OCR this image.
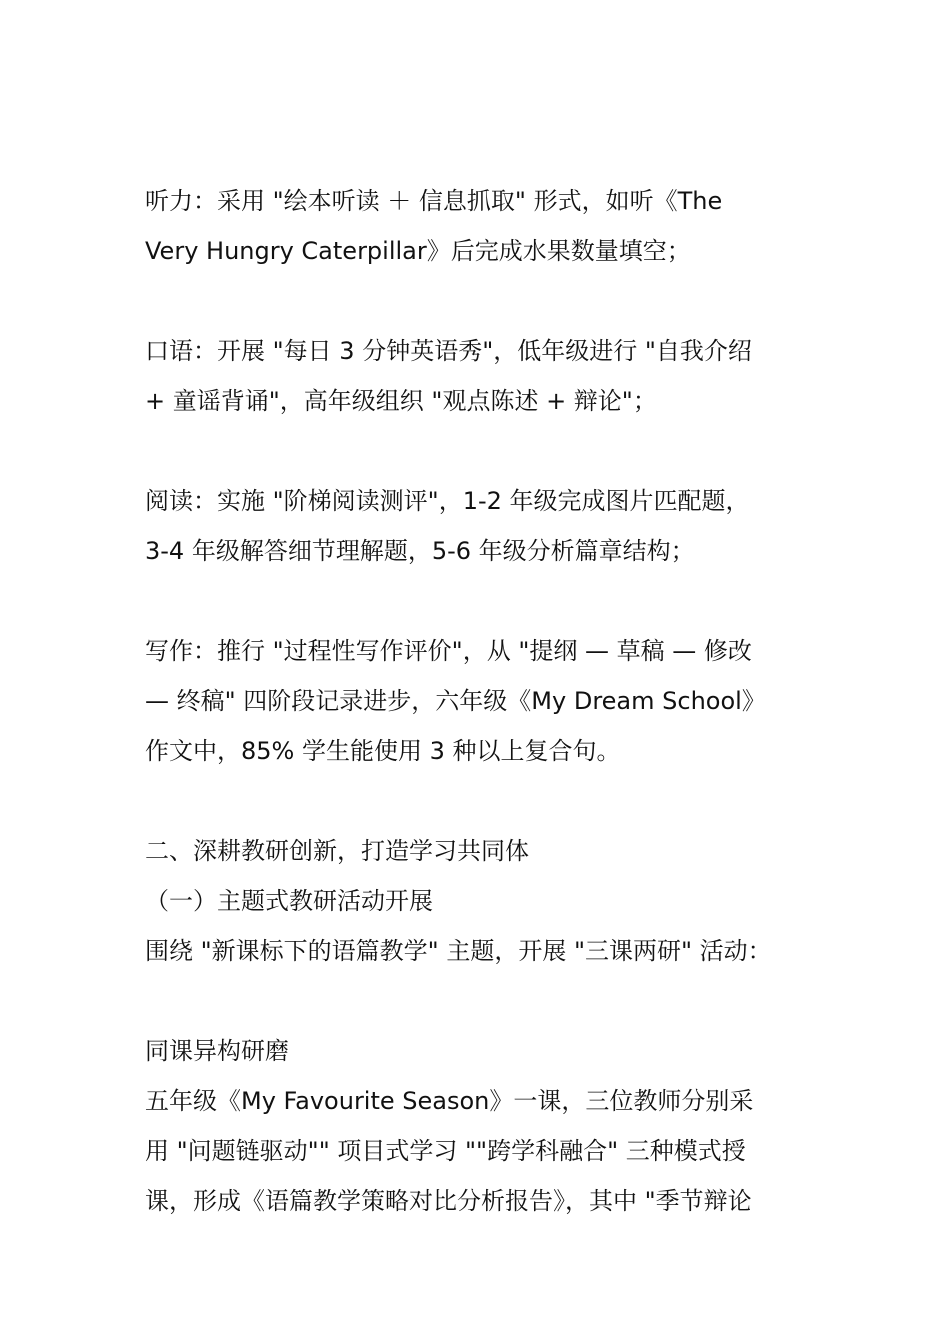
听力：采用 "绘本听读 ＋ 信息抓取" 形式，如听《The
Very Hungry Caterpillar》后完成水果数量填空；
口语：开展 "每日 3 分钟英语秀"，低年级进行 "自我介绍
+ 童谣背诵"，高年级组织 "观点陈述 + 辩论"；
阅读：实施 "阶梯阅读测评"，1-2 年级完成图片匹配题，
3-4 年级解答细节理解题，5-6 年级分析篇章结构；
写作：推行 "过程性写作评价"，从 "提纲 — 草稿 — 修改
— 终稿" 四阶段记录进步，六年级《My Dream School》
作文中，85% 学生能使用 3 种以上复合句。
二、深耕教研创新，打造学习共同体
（一）主题式教研活动开展
围绕 "新课标下的语篇教学" 主题，开展 "三课两研" 活动：
同课异构研磨
五年级《My Favourite Season》一课，三位教师分别采
用 "问题链驱动"" 项目式学习 ""跨学科融合" 三种模式授
课，形成《语篇教学策略对比分析报告》，其中 "季节辩论
